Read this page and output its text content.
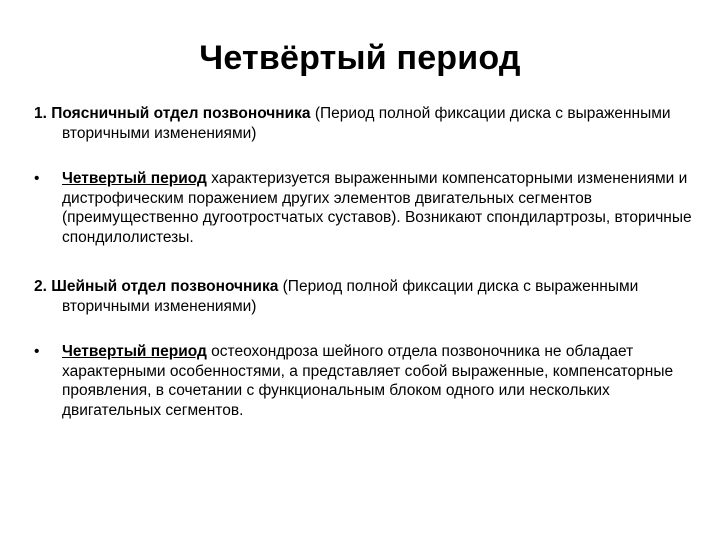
Четвёртый период
1. Поясничный отдел позвоночника (Период полной фиксации диска с выраженными вторичными изменениями)
• Четвертый период характеризуется выраженными компенсаторными изменениями и дистрофическим поражением других элементов двигательных сегментов (преимущественно дугоотростчатых суставов). Возникают спондилартрозы, вторичные спондилолистезы.
2. Шейный отдел позвоночника (Период полной фиксации диска с выраженными вторичными изменениями)
• Четвертый период остеохондроза шейного отдела позвоночника не обладает характерными особенностями, а представляет собой выраженные, компенсаторные проявления, в сочетании с функциональным блоком одного или нескольких двигательных сегментов.
